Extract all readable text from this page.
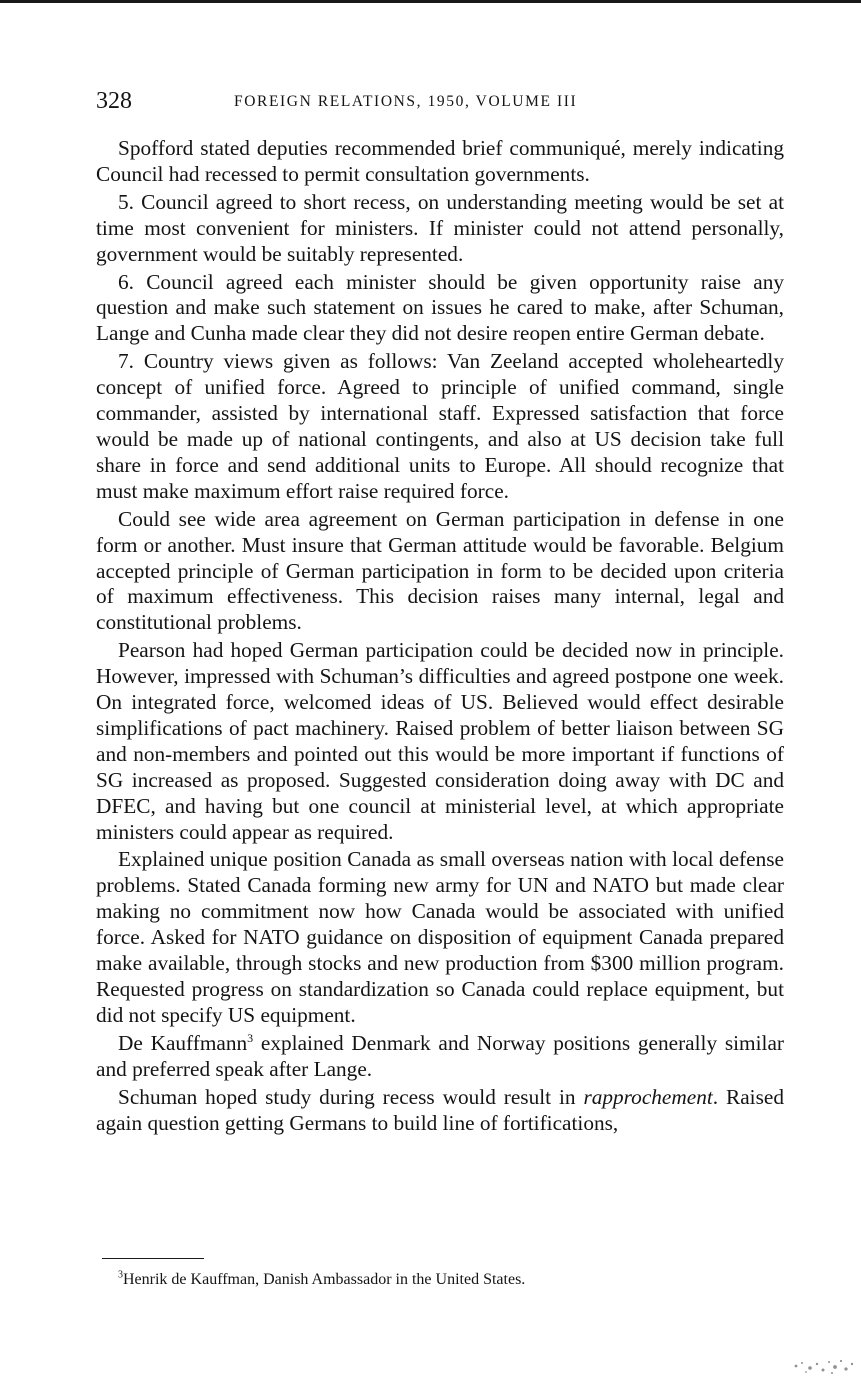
328	FOREIGN RELATIONS, 1950, VOLUME III

Spofford stated deputies recommended brief communiqué, merely indicating Council had recessed to permit consultation governments.

5. Council agreed to short recess, on understanding meeting would be set at time most convenient for ministers. If minister could not attend personally, government would be suitably represented.

6. Council agreed each minister should be given opportunity raise any question and make such statement on issues he cared to make, after Schuman, Lange and Cunha made clear they did not desire reopen entire German debate.

7. Country views given as follows: Van Zeeland accepted wholeheartedly concept of unified force. Agreed to principle of unified command, single commander, assisted by international staff. Expressed satisfaction that force would be made up of national contingents, and also at US decision take full share in force and send additional units to Europe. All should recognize that must make maximum effort raise required force.

Could see wide area agreement on German participation in defense in one form or another. Must insure that German attitude would be favorable. Belgium accepted principle of German participation in form to be decided upon criteria of maximum effectiveness. This decision raises many internal, legal and constitutional problems.

Pearson had hoped German participation could be decided now in principle. However, impressed with Schuman’s difficulties and agreed postpone one week. On integrated force, welcomed ideas of US. Believed would effect desirable simplifications of pact machinery. Raised problem of better liaison between SG and non-members and pointed out this would be more important if functions of SG increased as proposed. Suggested consideration doing away with DC and DFEC, and having but one council at ministerial level, at which appropriate ministers could appear as required.

Explained unique position Canada as small overseas nation with local defense problems. Stated Canada forming new army for UN and NATO but made clear making no commitment now how Canada would be associated with unified force. Asked for NATO guidance on disposition of equipment Canada prepared make available, through stocks and new production from $300 million program. Requested progress on standardization so Canada could replace equipment, but did not specify US equipment.

De Kauffmann$^3$ explained Denmark and Norway positions generally similar and preferred speak after Lange.

Schuman hoped study during recess would result in rapprochement. Raised again question getting Germans to build line of fortifications,

$^3$Henrik de Kauffman, Danish Ambassador in the United States.
